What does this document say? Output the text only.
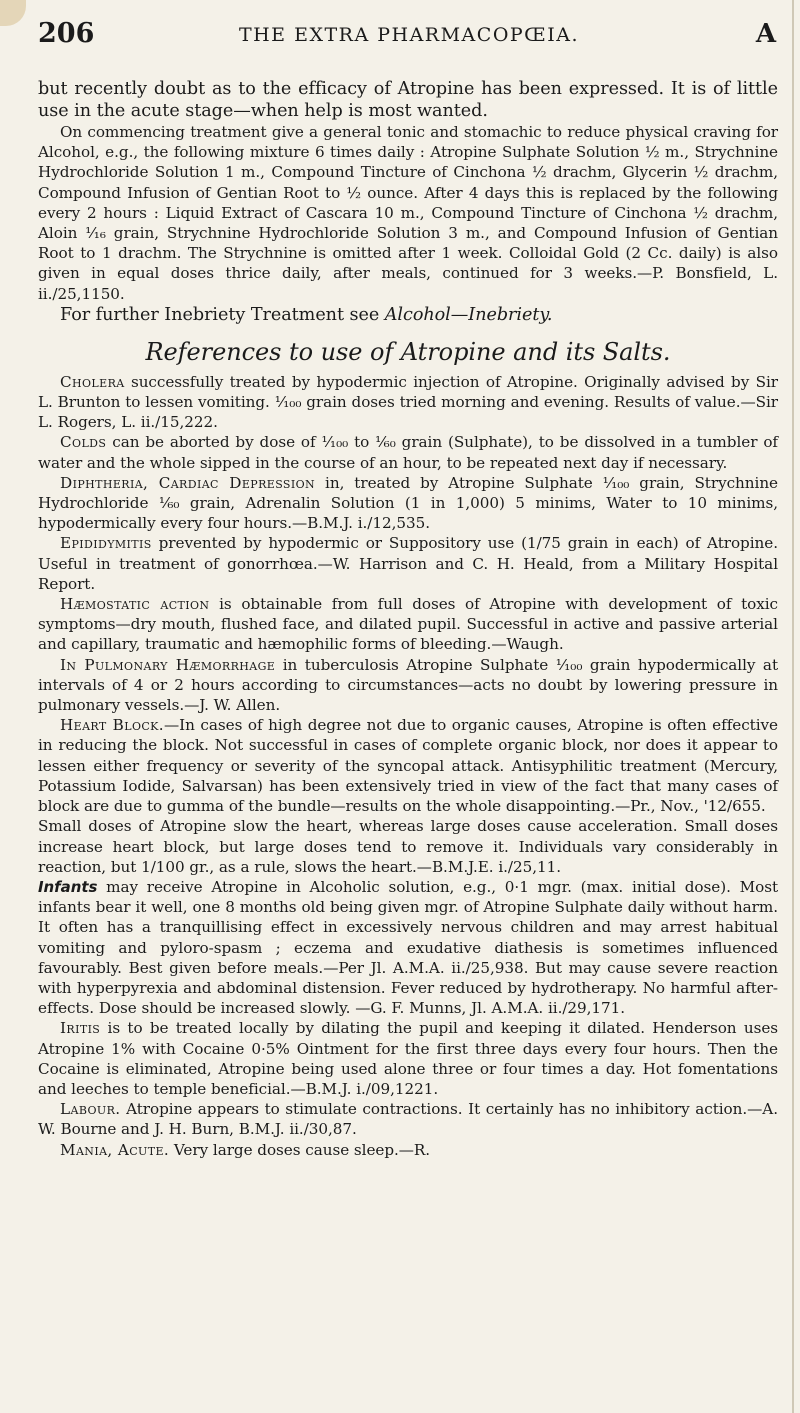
206	THE EXTRA PHARMACOPŒIA.	A

but recently doubt as to the efficacy of Atropine has been expressed. It is of little use in the acute stage—when help is most wanted.

On commencing treatment give a general tonic and stomachic to reduce physical craving for Alcohol, e.g., the following mixture 6 times daily : Atropine Sulphate Solution ½ m., Strychnine Hydrochloride Solution 1 m., Compound Tincture of Cinchona ½ drachm, Glycerin ½ drachm, Compound Infusion of Gentian Root to ½ ounce. After 4 days this is replaced by the following every 2 hours : Liquid Extract of Cascara 10 m., Compound Tincture of Cinchona ½ drachm, Aloin ¹⁄₁₆ grain, Strychnine Hydrochloride Solution 3 m., and Compound Infusion of Gentian Root to 1 drachm. The Strychnine is omitted after 1 week. Colloidal Gold (2 Cc. daily) is also given in equal doses thrice daily, after meals, continued for 3 weeks.—P. Bonsfield, L. ii./25,1150.

For further Inebriety Treatment see Alcohol—Inebriety.

References to use of Atropine and its Salts.

Cholera successfully treated by hypodermic injection of Atropine. Originally advised by Sir L. Brunton to lessen vomiting. ¹⁄₁₀₀ grain doses tried morning and evening. Results of value.—Sir L. Rogers, L. ii./15,222.

Colds can be aborted by dose of ¹⁄₁₀₀ to ¹⁄₆₀ grain (Sulphate), to be dissolved in a tumbler of water and the whole sipped in the course of an hour, to be repeated next day if necessary.

Diphtheria, Cardiac Depression in, treated by Atropine Sulphate ¹⁄₁₀₀ grain, Strychnine Hydrochloride ¹⁄₆₀ grain, Adrenalin Solution (1 in 1,000) 5 minims, Water to 10 minims, hypodermically every four hours.—B.M.J. i./12,535.

Epididymitis prevented by hypodermic or Suppository use (1/75 grain in each) of Atropine. Useful in treatment of gonorrhœa.—W. Harrison and C. H. Heald, from a Military Hospital Report.

Hæmostatic action is obtainable from full doses of Atropine with development of toxic symptoms—dry mouth, flushed face, and dilated pupil. Successful in active and passive arterial and capillary, traumatic and hæmophilic forms of bleeding.—Waugh.

In Pulmonary Hæmorrhage in tuberculosis Atropine Sulphate ¹⁄₁₀₀ grain hypodermically at intervals of 4 or 2 hours according to circumstances—acts no doubt by lowering pressure in pulmonary vessels.—J. W. Allen.

Heart Block.—In cases of high degree not due to organic causes, Atropine is often effective in reducing the block. Not successful in cases of complete organic block, nor does it appear to lessen either frequency or severity of the syncopal attack. Antisyphilitic treatment (Mercury, Potassium Iodide, Salvarsan) has been extensively tried in view of the fact that many cases of block are due to gumma of the bundle—results on the whole disappointing.—Pr., Nov., '12/655.

Small doses of Atropine slow the heart, whereas large doses cause acceleration. Small doses increase heart block, but large doses tend to remove it. Individuals vary considerably in reaction, but 1/100 gr., as a rule, slows the heart.—B.M.J.E. i./25,11.

Infants may receive Atropine in Alcoholic solution, e.g., 0·1 mgr. (max. initial dose). Most infants bear it well, one 8 months old being given mgr. of Atropine Sulphate daily without harm. It often has a tranquillising effect in excessively nervous children and may arrest habitual vomiting and pyloro-spasm ; eczema and exudative diathesis is sometimes influenced favourably. Best given before meals.—Per Jl. A.M.A. ii./25,938. But may cause severe reaction with hyperpyrexia and abdominal distension. Fever reduced by hydrotherapy. No harmful after-effects. Dose should be increased slowly. —G. F. Munns, Jl. A.M.A. ii./29,171.

Iritis is to be treated locally by dilating the pupil and keeping it dilated. Henderson uses Atropine 1% with Cocaine 0·5% Ointment for the first three days every four hours. Then the Cocaine is eliminated, Atropine being used alone three or four times a day. Hot fomentations and leeches to temple beneficial.—B.M.J. i./09,1221.

Labour. Atropine appears to stimulate contractions. It certainly has no inhibitory action.—A. W. Bourne and J. H. Burn, B.M.J. ii./30,87.

Mania, Acute. Very large doses cause sleep.—R.
